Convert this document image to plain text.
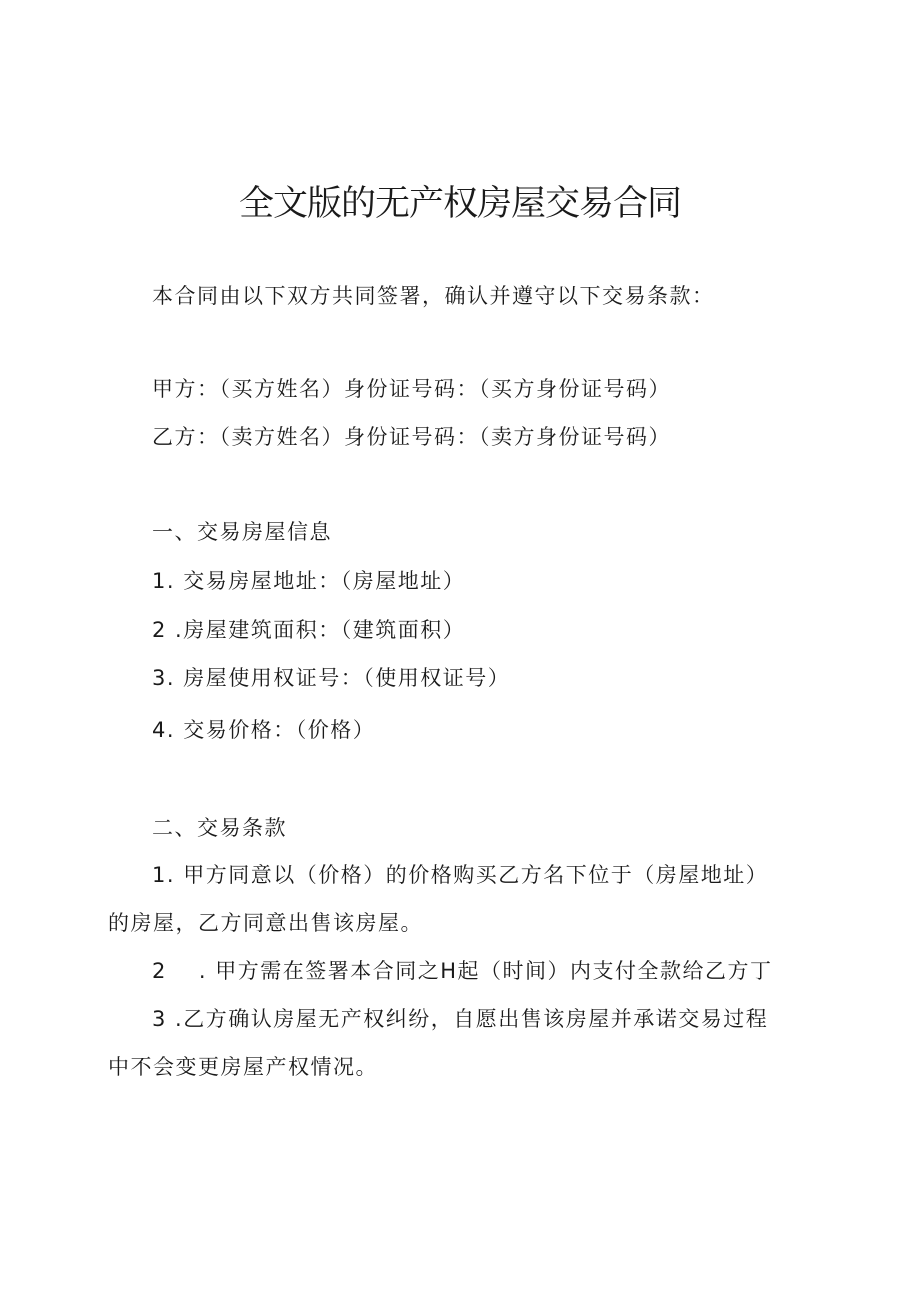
全文版的无产权房屋交易合同
本合同由以下双方共同签署，确认并遵守以下交易条款：
甲方：（买方姓名）身份证号码：（买方身份证号码）
乙方：（卖方姓名）身份证号码：（卖方身份证号码）
一、交易房屋信息
1. 交易房屋地址：（房屋地址）
2 .房屋建筑面积：（建筑面积）
3. 房屋使用权证号：（使用权证号）
4. 交易价格：（价格）
二、交易条款
1. 甲方同意以（价格）的价格购买乙方名下位于（房屋地址）
的房屋，乙方同意出售该房屋。
2 . 甲方需在签署本合同之H起（时间）内支付全款给乙方丁
3 .乙方确认房屋无产权纠纷，自愿出售该房屋并承诺交易过程
中不会变更房屋产权情况。
